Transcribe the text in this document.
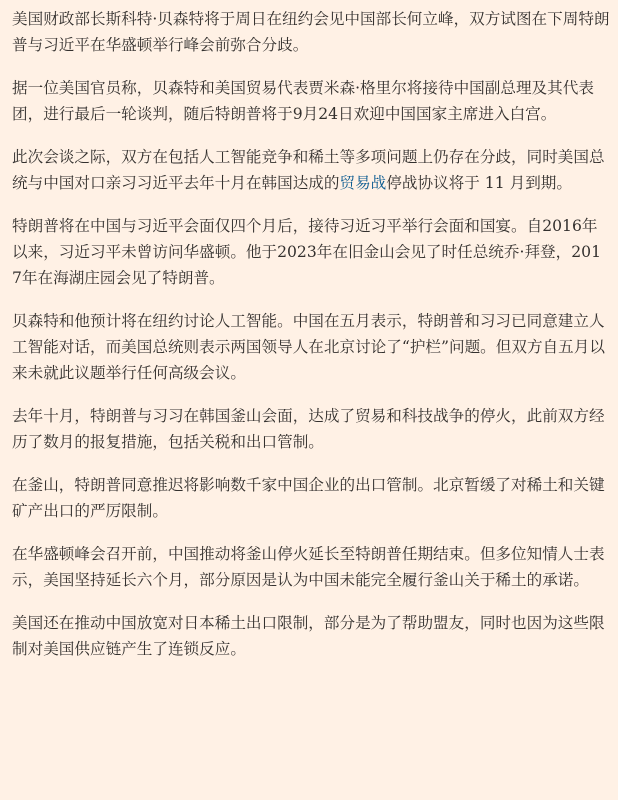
美国财政部长斯科特·贝森特将于周日在纽约会见中国部长何立峰，双方试图在下周特朗普与习近平在华盛顿举行峰会前弥合分歧。

据一位美国官员称，贝森特和美国贸易代表贾米森·格里尔将接待中国副总理及其代表团，进行最后一轮谈判，随后特朗普将于9月24日欢迎中国国家主席进入白宫。

此次会谈之际，双方在包括人工智能竞争和稀土等多项问题上仍存在分歧，同时美国总统与中国对口亲习习近平去年十月在韩国达成的贸易战停战协议将于 11 月到期。

特朗普将在中国与习近平会面仅四个月后，接待习近习平举行会面和国宴。自2016年以来，习近习平未曾访问华盛顿。他于2023年在旧金山会见了时任总统乔·拜登，2017年在海湖庄园会见了特朗普。

贝森特和他预计将在纽约讨论人工智能。中国在五月表示，特朗普和习习已同意建立人工智能对话，而美国总统则表示两国领导人在北京讨论了“护栏”问题。但双方自五月以来未就此议题举行任何高级会议。

去年十月，特朗普与习习在韩国釜山会面，达成了贸易和科技战争的停火，此前双方经历了数月的报复措施，包括关税和出口管制。

在釜山，特朗普同意推迟将影响数千家中国企业的出口管制。北京暂缓了对稀土和关键矿产出口的严厉限制。

在华盛顿峰会召开前，中国推动将釜山停火延长至特朗普任期结束。但多位知情人士表示，美国坚持延长六个月，部分原因是认为中国未能完全履行釜山关于稀土的承诺。

美国还在推动中国放宽对日本稀土出口限制，部分是为了帮助盟友，同时也因为这些限制对美国供应链产生了连锁反应。
